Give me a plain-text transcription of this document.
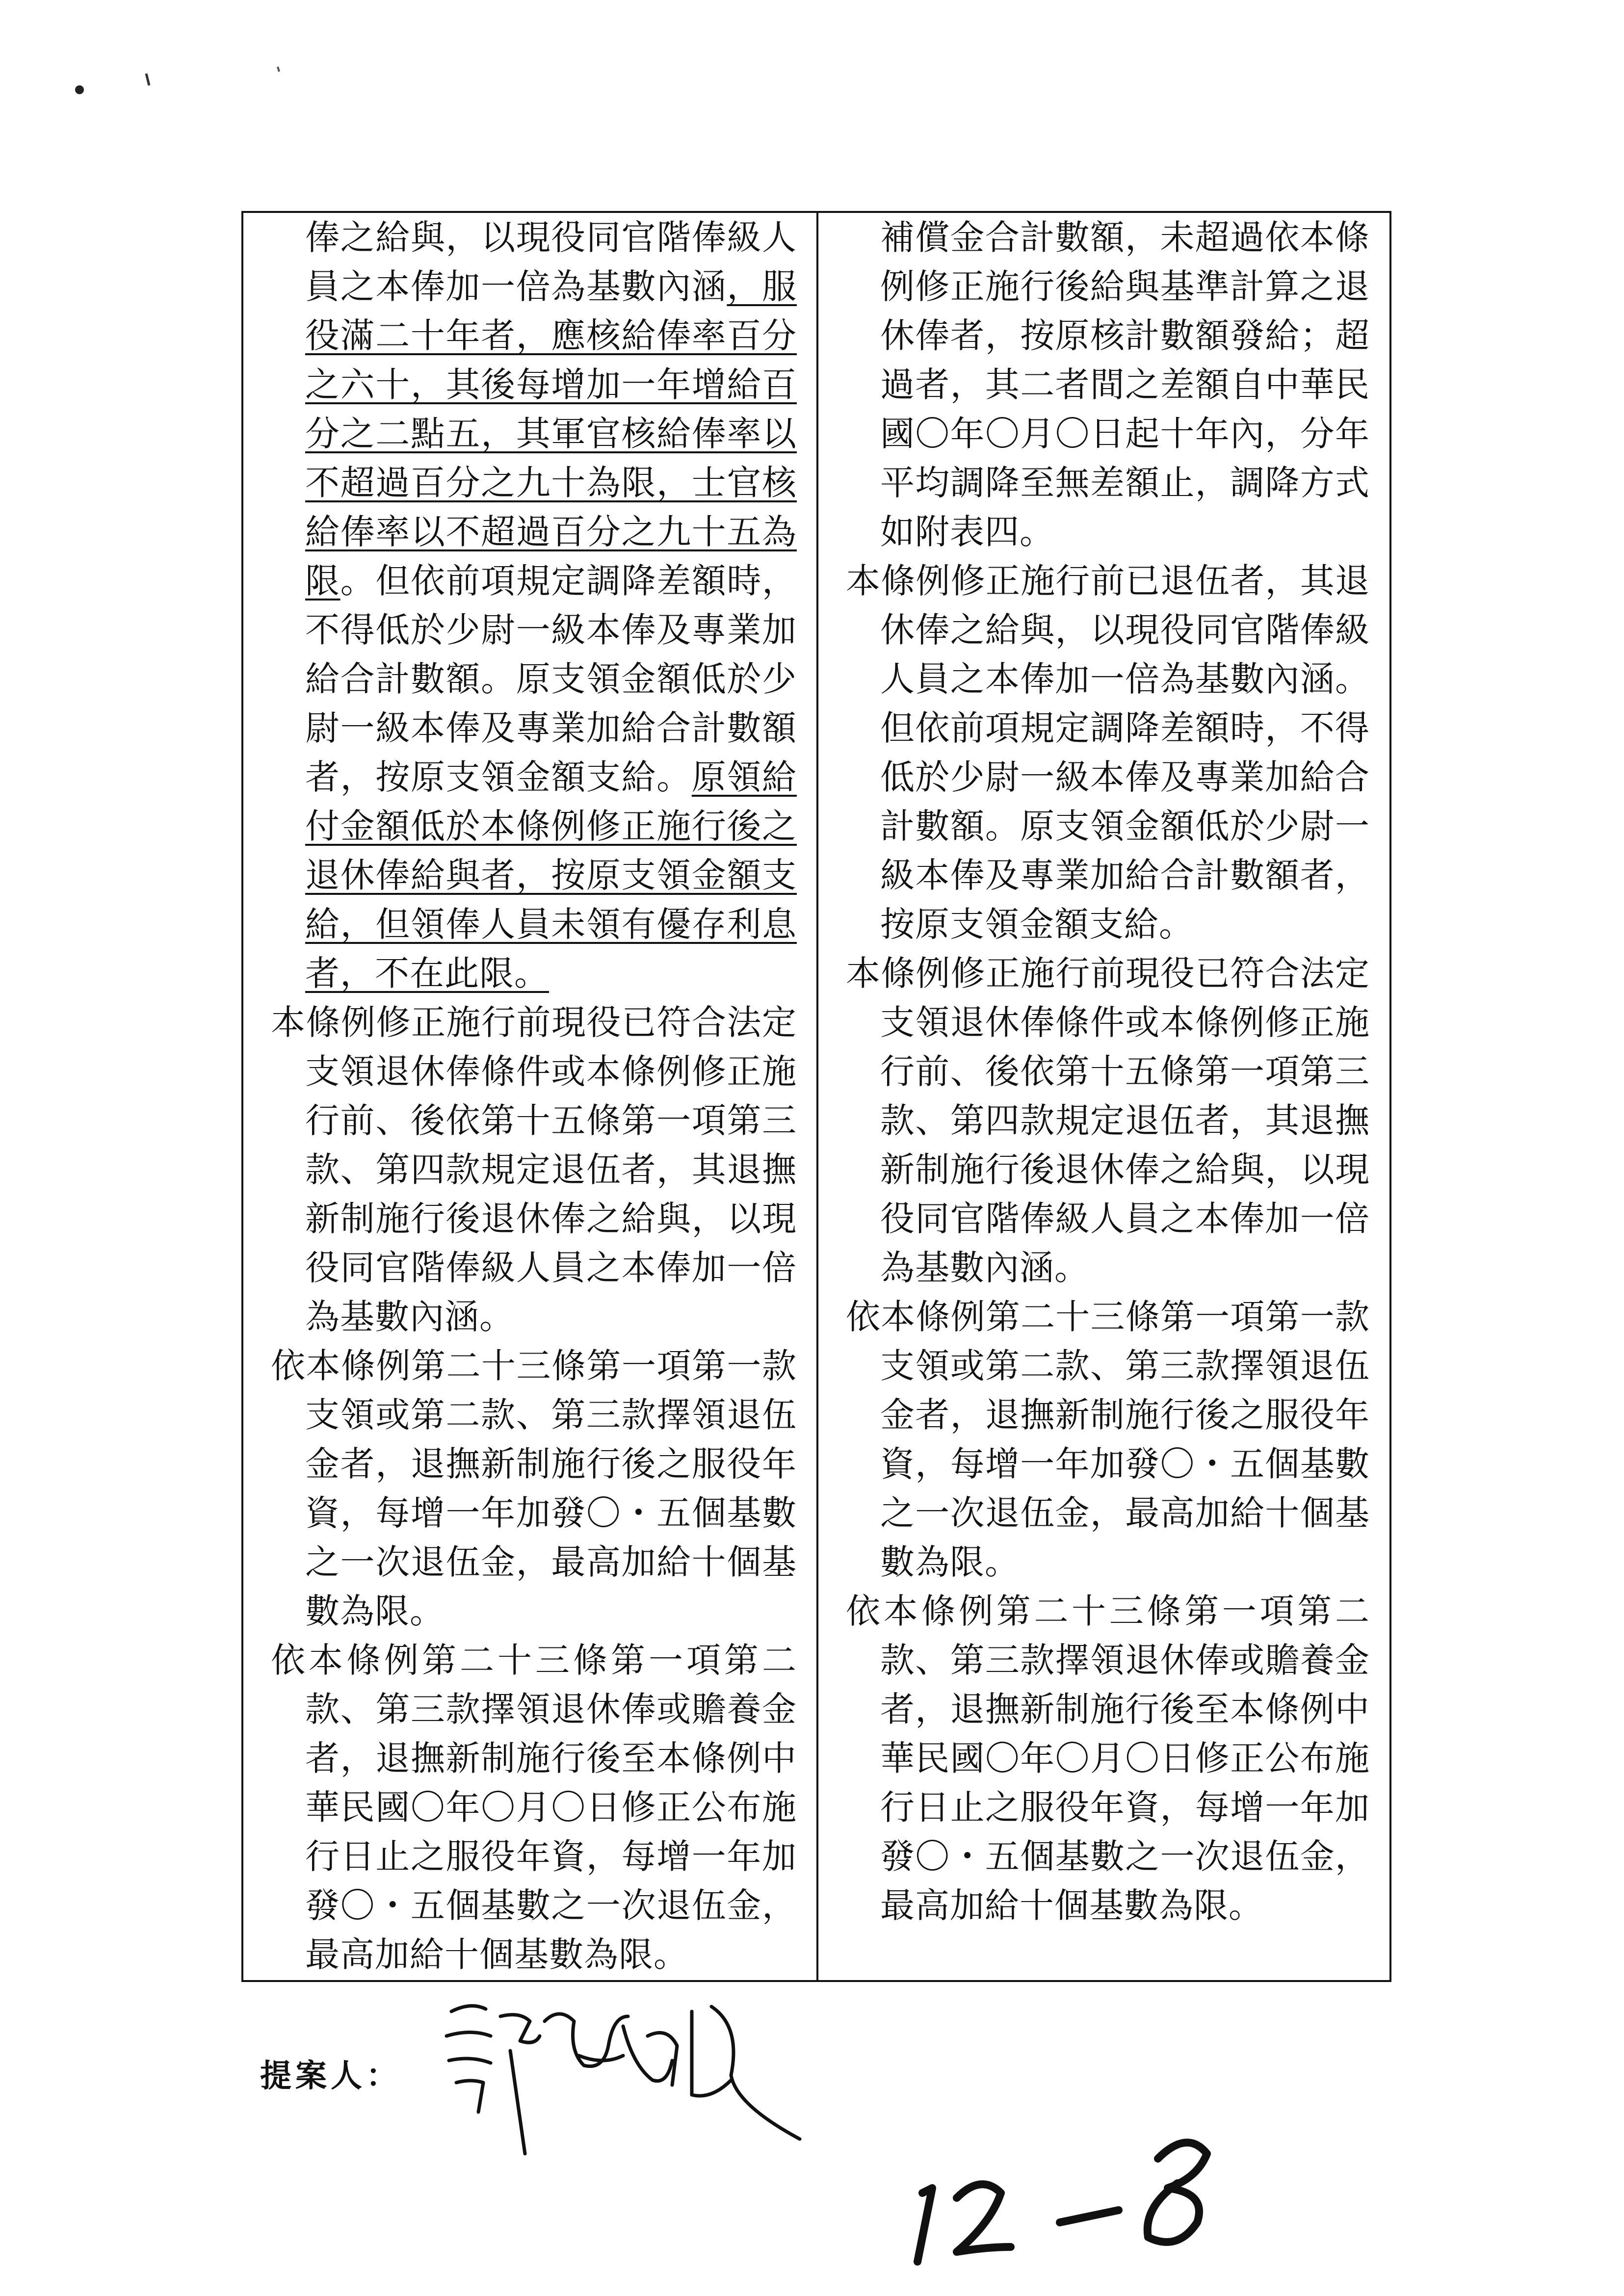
俸之給與，以現役同官階俸級人員之本俸加一倍為基數內涵，服役滿二十年者，應核給俸率百分之六十，其後每增加一年增給百分之二點五，其軍官核給俸率以不超過百分之九十為限，士官核給俸率以不超過百分之九十五為限。但依前項規定調降差額時，不得低於少尉一級本俸及專業加給合計數額。原支領金額低於少尉一級本俸及專業加給合計數額者，按原支領金額支給。原領給付金額低於本條例修正施行後之退休俸給與者，按原支領金額支給，但領俸人員未領有優存利息者，不在此限。

本條例修正施行前現役已符合法定支領退休俸條件或本條例修正施行前、後依第十五條第一項第三款、第四款規定退伍者，其退撫新制施行後退休俸之給與，以現役同官階俸級人員之本俸加一倍為基數內涵。

依本條例第二十三條第一項第一款支領或第二款、第三款擇領退伍金者，退撫新制施行後之服役年資，每增一年加發〇・五個基數之一次退伍金，最高加給十個基數為限。

依本條例第二十三條第一項第二款、第三款擇領退休俸或贍養金者，退撫新制施行後至本條例中華民國〇年〇月〇日修正公布施行日止之服役年資，每增一年加發〇・五個基數之一次退伍金，最高加給十個基數為限。

補償金合計數額，未超過依本條例修正施行後給與基準計算之退休俸者，按原核計數額發給；超過者，其二者間之差額自中華民國〇年〇月〇日起十年內，分年平均調降至無差額止，調降方式如附表四。

本條例修正施行前已退伍者，其退休俸之給與，以現役同官階俸級人員之本俸加一倍為基數內涵。但依前項規定調降差額時，不得低於少尉一級本俸及專業加給合計數額。原支領金額低於少尉一級本俸及專業加給合計數額者，按原支領金額支給。

本條例修正施行前現役已符合法定支領退休俸條件或本條例修正施行前、後依第十五條第一項第三款、第四款規定退伍者，其退撫新制施行後退休俸之給與，以現役同官階俸級人員之本俸加一倍為基數內涵。

依本條例第二十三條第一項第一款支領或第二款、第三款擇領退伍金者，退撫新制施行後之服役年資，每增一年加發〇・五個基數之一次退伍金，最高加給十個基數為限。

依本條例第二十三條第一項第二款、第三款擇領退休俸或贍養金者，退撫新制施行後至本條例中華民國〇年〇月〇日修正公布施行日止之服役年資，每增一年加發〇・五個基數之一次退伍金，最高加給十個基數為限。

提案人：
